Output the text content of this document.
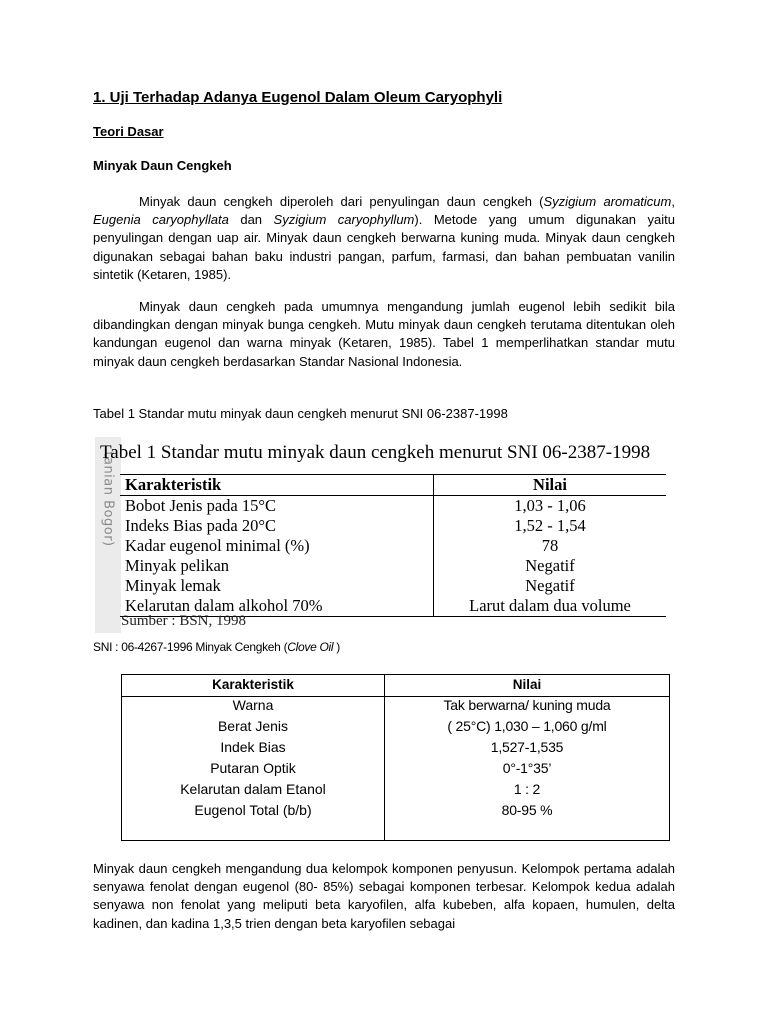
1. Uji Terhadap Adanya Eugenol Dalam Oleum Caryophyli
Teori Dasar
Minyak Daun Cengkeh
Minyak daun cengkeh diperoleh dari penyulingan daun cengkeh (Syzigium aromaticum, Eugenia caryophyllata dan Syzigium caryophyllum). Metode yang umum digunakan yaitu penyulingan dengan uap air. Minyak daun cengkeh berwarna kuning muda. Minyak daun cengkeh digunakan sebagai bahan baku industri pangan, parfum, farmasi, dan bahan pembuatan vanilin sintetik (Ketaren, 1985).
Minyak daun cengkeh pada umumnya mengandung jumlah eugenol lebih sedikit bila dibandingkan dengan minyak bunga cengkeh. Mutu minyak daun cengkeh terutama ditentukan oleh kandungan eugenol dan warna minyak (Ketaren, 1985). Tabel 1 memperlihatkan standar mutu minyak daun cengkeh berdasarkan Standar Nasional Indonesia.
Tabel 1 Standar mutu minyak daun cengkeh menurut SNI 06-2387-1998
tanian Bogor)
Tabel 1 Standar mutu minyak daun cengkeh menurut SNI 06-2387-1998
Karakteristik	Nilai
Bobot Jenis pada 15°C	1,03 - 1,06
Indeks Bias pada 20°C	1,52 - 1,54
Kadar eugenol minimal (%)	78
Minyak pelikan	Negatif
Minyak lemak	Negatif
Kelarutan dalam alkohol 70%	Larut dalam dua volume
Sumber : BSN, 1998
SNI : 06-4267-1996 Minyak Cengkeh (Clove Oil )
Karakteristik	Nilai
Warna	Tak berwarna/ kuning muda
Berat Jenis	( 25°C) 1,030 – 1,060 g/ml
Indek Bias	1,527-1,535
Putaran Optik	0°-1°35’
Kelarutan dalam Etanol	1 : 2
Eugenol Total (b/b)	80-95 %
Minyak daun cengkeh mengandung dua kelompok komponen penyusun. Kelompok pertama adalah senyawa fenolat dengan eugenol (80- 85%) sebagai komponen terbesar. Kelompok kedua adalah senyawa non fenolat yang meliputi beta karyofilen, alfa kubeben, alfa kopaen, humulen, delta kadinen, dan kadina 1,3,5 trien dengan beta karyofilen sebagai
